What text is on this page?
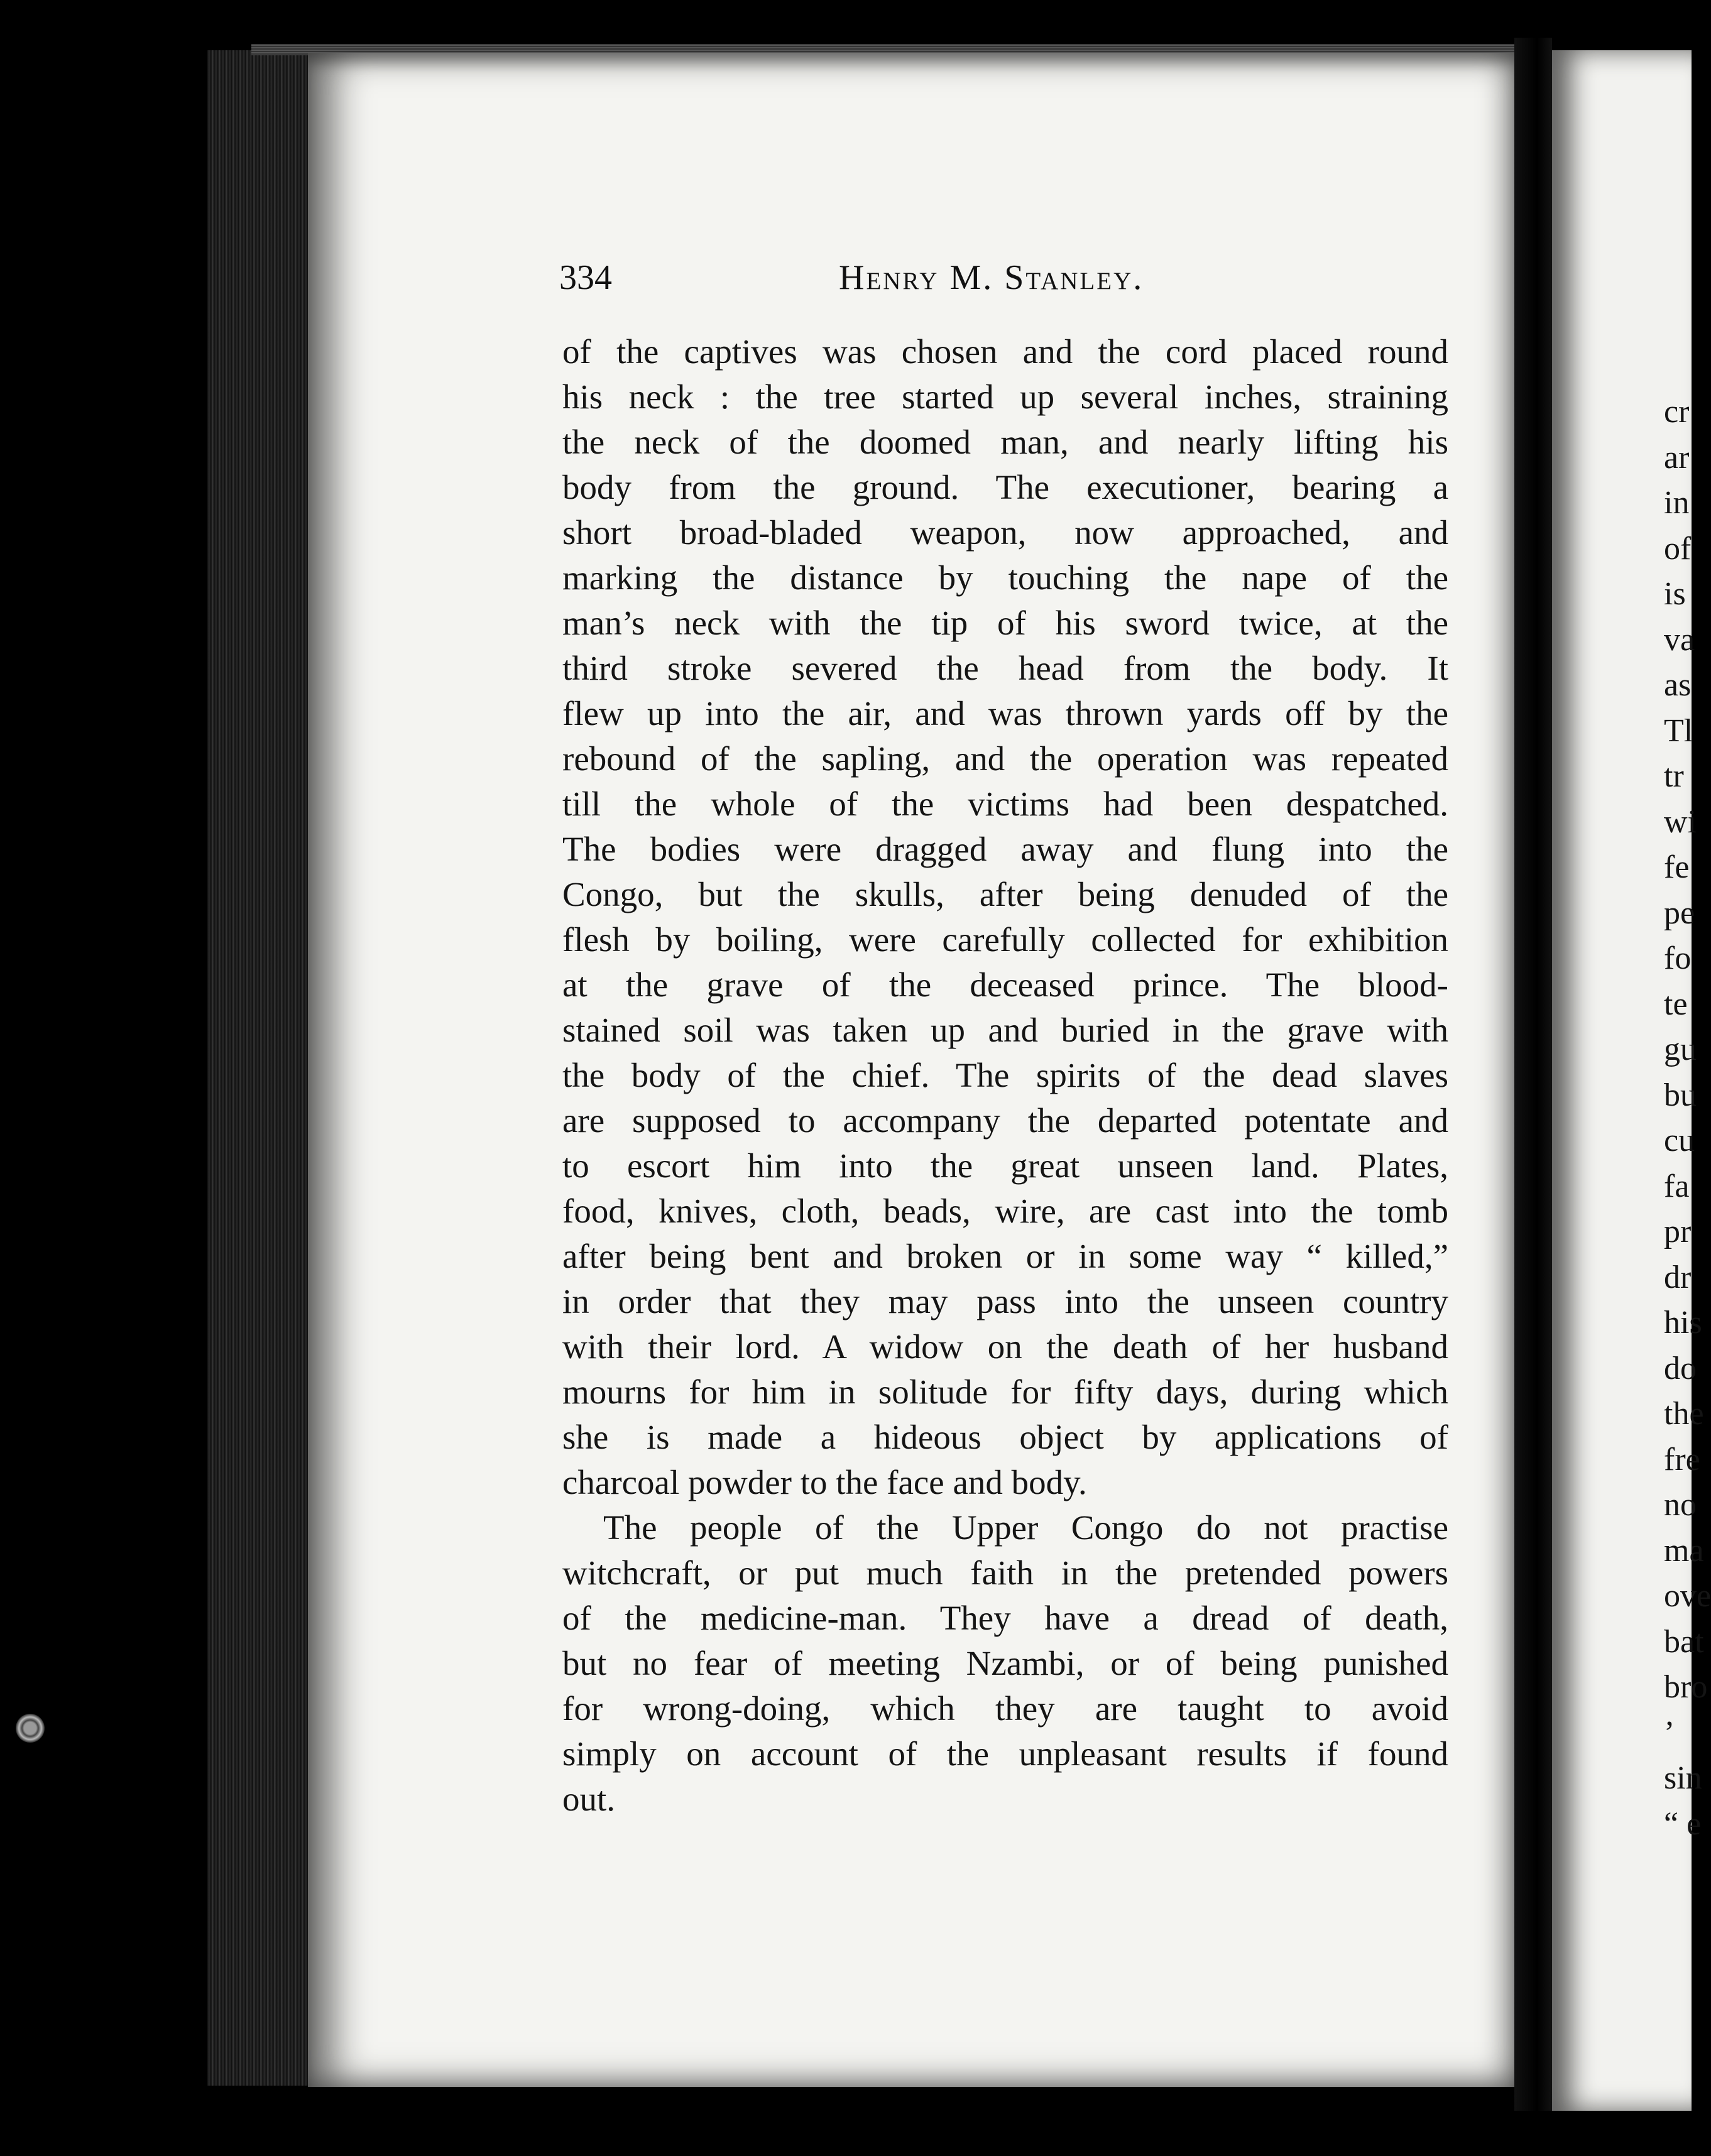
334	Henry M. Stanley.
of the captives was chosen and the cord placed round
his neck : the tree started up several inches, straining
the neck of the doomed man, and nearly lifting his
body from the ground. The executioner, bearing a
short broad-bladed weapon, now approached, and
marking the distance by touching the nape of the
man’s neck with the tip of his sword twice, at the
third stroke severed the head from the body. It
flew up into the air, and was thrown yards off by the
rebound of the sapling, and the operation was repeated
till the whole of the victims had been despatched.
The bodies were dragged away and flung into the
Congo, but the skulls, after being denuded of the
flesh by boiling, were carefully collected for exhibition
at the grave of the deceased prince. The blood-
stained soil was taken up and buried in the grave with
the body of the chief. The spirits of the dead slaves
are supposed to accompany the departed potentate and
to escort him into the great unseen land. Plates,
food, knives, cloth, beads, wire, are cast into the tomb
after being bent and broken or in some way “ killed,”
in order that they may pass into the unseen country
with their lord. A widow on the death of her husband
mourns for him in solitude for fifty days, during which
she is made a hideous object by applications of
charcoal powder to the face and body.
The people of the Upper Congo do not practise
witchcraft, or put much faith in the pretended powers
of the medicine-man. They have a dread of death,
but no fear of meeting Nzambi, or of being punished
for wrong-doing, which they are taught to avoid
simply on account of the unpleasant results if found
out.
cr
ar
in
of
is
va
as
Tl
tr
wi
fe
pe
fo
te
gu
bu
cu
fa
pr
dr
his
do
the
fre
no
ma
ove
bat
bro
’
sin
“ e
